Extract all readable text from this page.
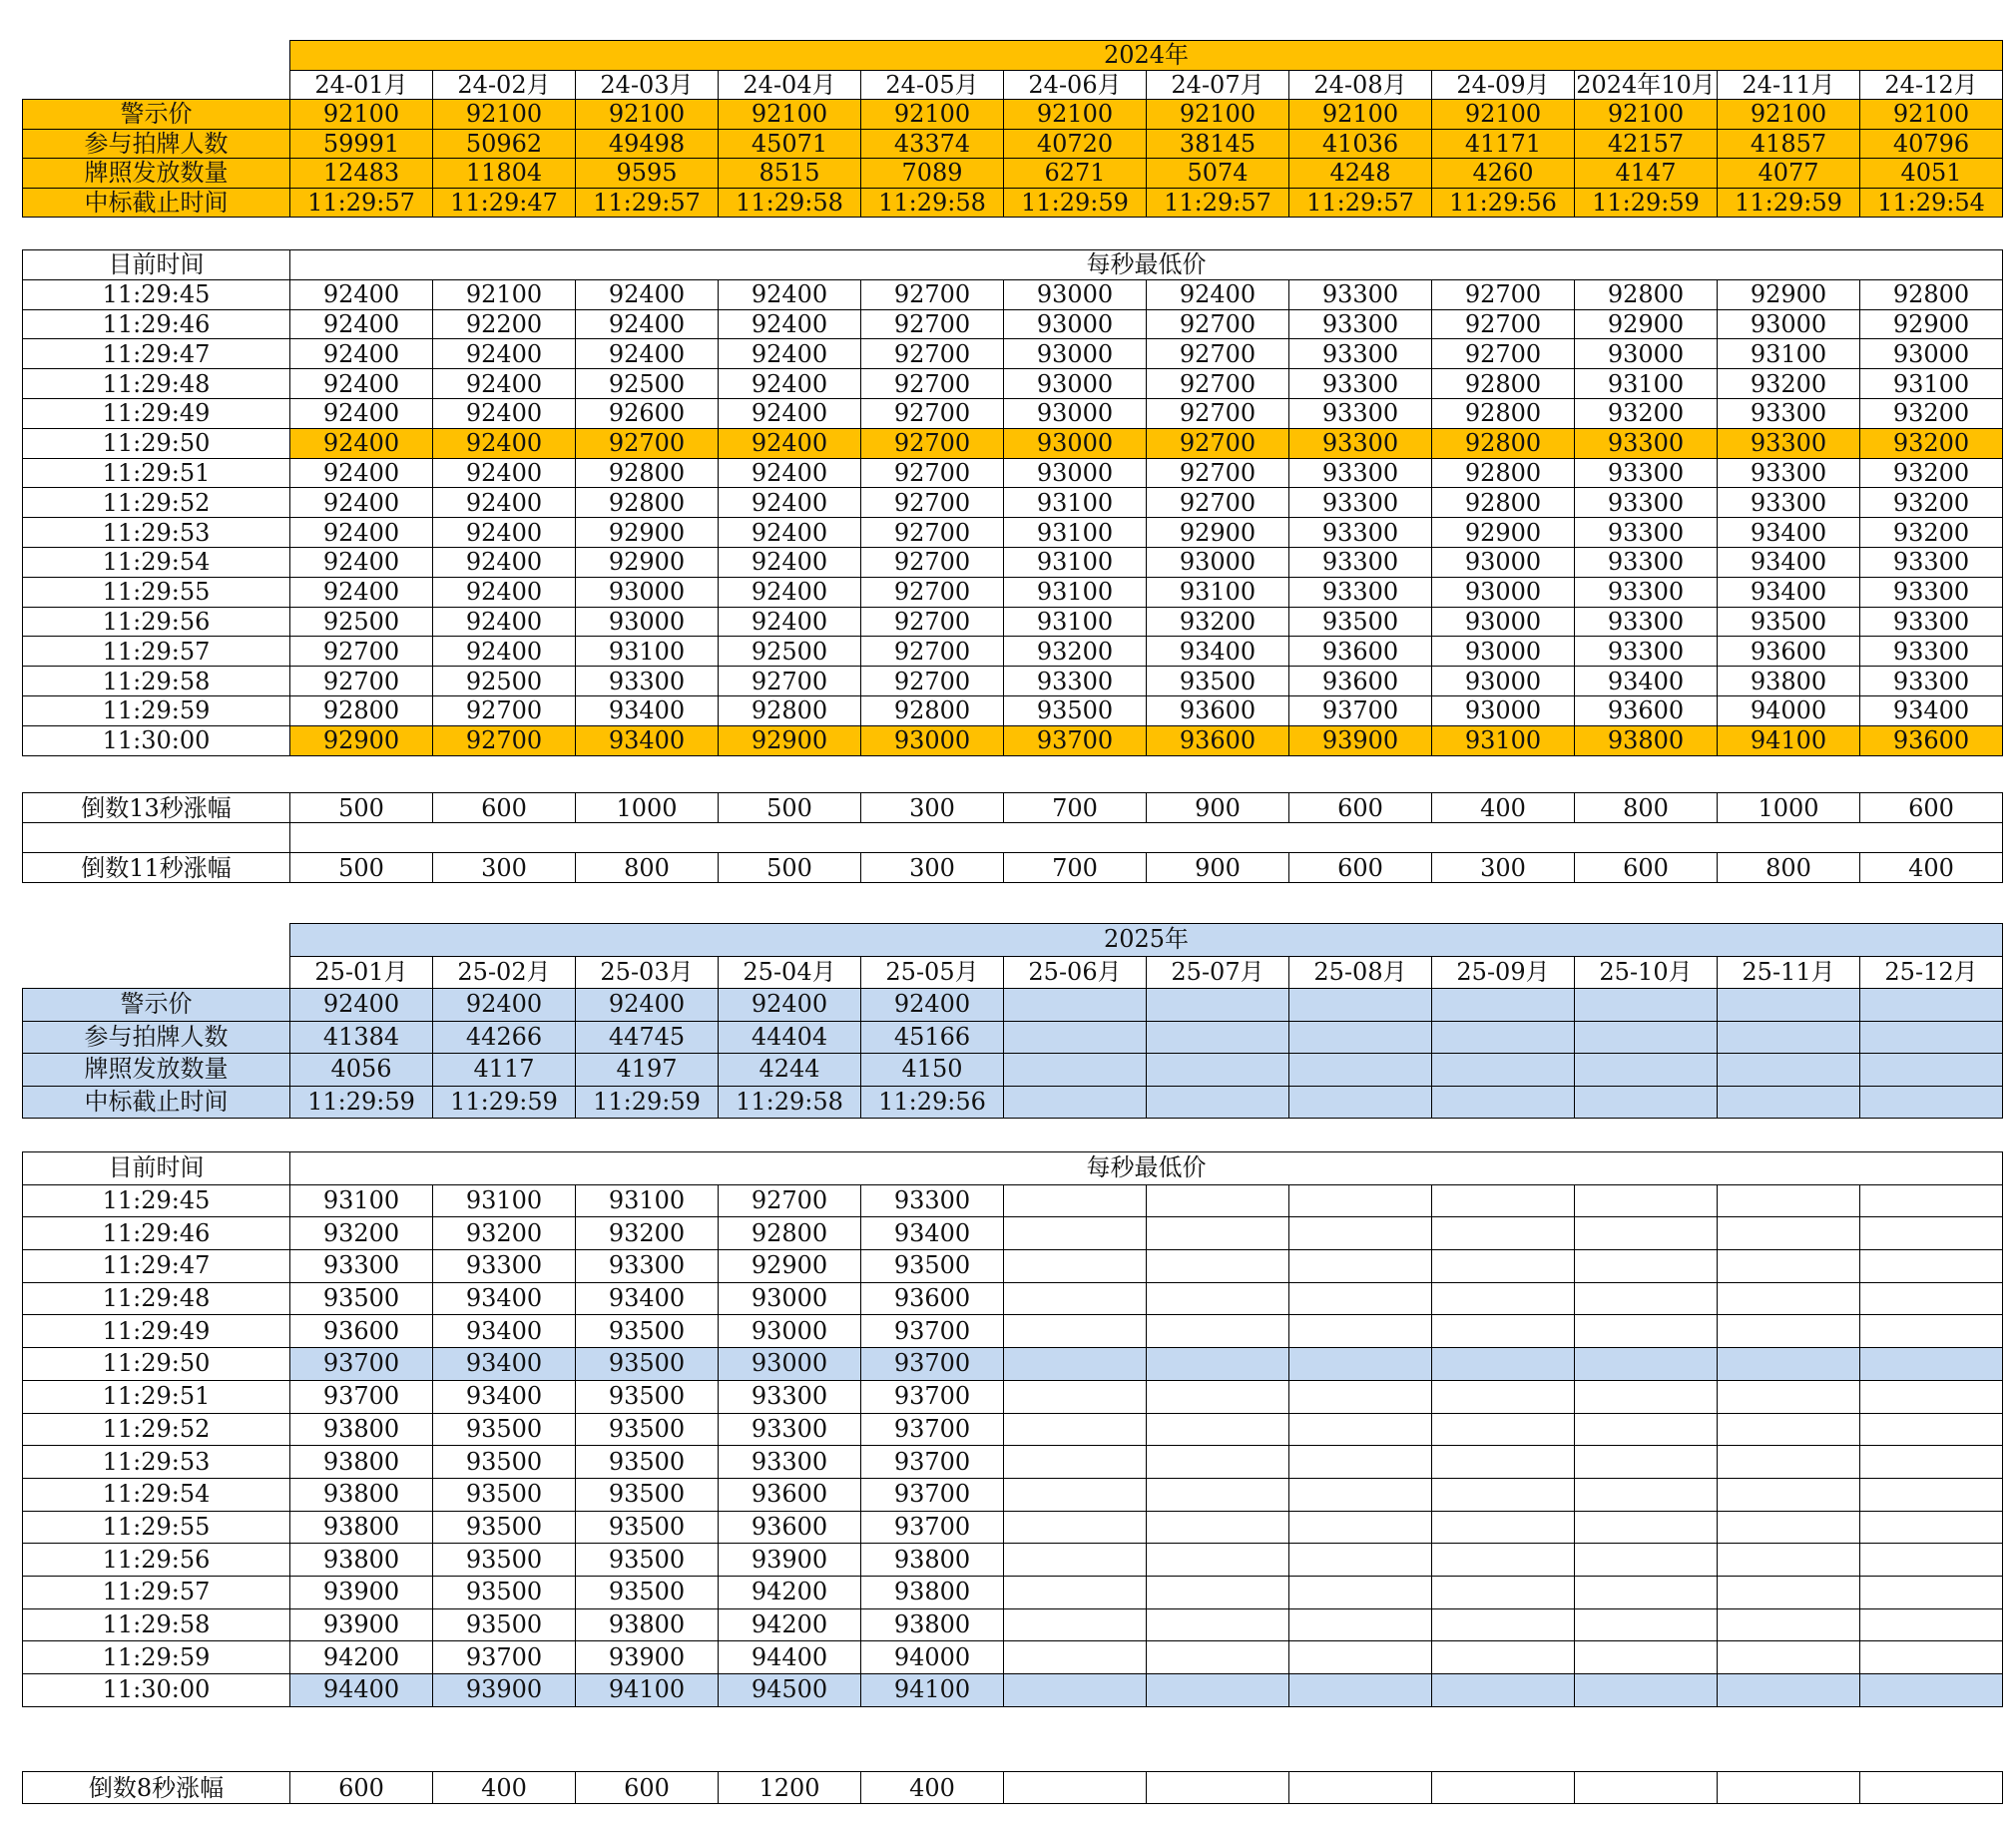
	2024年											
	24-01月	24-02月	24-03月	24-04月	24-05月	24-06月	24-07月	24-08月	24-09月	2024年10月	24-11月	24-12月
警示价	92100	92100	92100	92100	92100	92100	92100	92100	92100	92100	92100	92100
参与拍牌人数	59991	50962	49498	45071	43374	40720	38145	41036	41171	42157	41857	40796
牌照发放数量	12483	11804	9595	8515	7089	6271	5074	4248	4260	4147	4077	4051
中标截止时间	11:29:57	11:29:47	11:29:57	11:29:58	11:29:58	11:29:59	11:29:57	11:29:57	11:29:56	11:29:59	11:29:59	11:29:54
目前时间	每秒最低价											
11:29:45	92400	92100	92400	92400	92700	93000	92400	93300	92700	92800	92900	92800
11:29:46	92400	92200	92400	92400	92700	93000	92700	93300	92700	92900	93000	92900
11:29:47	92400	92400	92400	92400	92700	93000	92700	93300	92700	93000	93100	93000
11:29:48	92400	92400	92500	92400	92700	93000	92700	93300	92800	93100	93200	93100
11:29:49	92400	92400	92600	92400	92700	93000	92700	93300	92800	93200	93300	93200
11:29:50	92400	92400	92700	92400	92700	93000	92700	93300	92800	93300	93300	93200
11:29:51	92400	92400	92800	92400	92700	93000	92700	93300	92800	93300	93300	93200
11:29:52	92400	92400	92800	92400	92700	93100	92700	93300	92800	93300	93300	93200
11:29:53	92400	92400	92900	92400	92700	93100	92900	93300	92900	93300	93400	93200
11:29:54	92400	92400	92900	92400	92700	93100	93000	93300	93000	93300	93400	93300
11:29:55	92400	92400	93000	92400	92700	93100	93100	93300	93000	93300	93400	93300
11:29:56	92500	92400	93000	92400	92700	93100	93200	93500	93000	93300	93500	93300
11:29:57	92700	92400	93100	92500	92700	93200	93400	93600	93000	93300	93600	93300
11:29:58	92700	92500	93300	92700	92700	93300	93500	93600	93000	93400	93800	93300
11:29:59	92800	92700	93400	92800	92800	93500	93600	93700	93000	93600	94000	93400
11:30:00	92900	92700	93400	92900	93000	93700	93600	93900	93100	93800	94100	93600
倒数13秒涨幅	500	600	1000	500	300	700	900	600	400	800	1000	600

倒数11秒涨幅	500	300	800	500	300	700	900	600	300	600	800	400
	2025年											
	25-01月	25-02月	25-03月	25-04月	25-05月	25-06月	25-07月	25-08月	25-09月	25-10月	25-11月	25-12月
警示价	92400	92400	92400	92400	92400							
参与拍牌人数	41384	44266	44745	44404	45166							
牌照发放数量	4056	4117	4197	4244	4150							
中标截止时间	11:29:59	11:29:59	11:29:59	11:29:58	11:29:56							
目前时间	每秒最低价											
11:29:45	93100	93100	93100	92700	93300							
11:29:46	93200	93200	93200	92800	93400							
11:29:47	93300	93300	93300	92900	93500							
11:29:48	93500	93400	93400	93000	93600							
11:29:49	93600	93400	93500	93000	93700							
11:29:50	93700	93400	93500	93000	93700							
11:29:51	93700	93400	93500	93300	93700							
11:29:52	93800	93500	93500	93300	93700							
11:29:53	93800	93500	93500	93300	93700							
11:29:54	93800	93500	93500	93600	93700							
11:29:55	93800	93500	93500	93600	93700							
11:29:56	93800	93500	93500	93900	93800							
11:29:57	93900	93500	93500	94200	93800							
11:29:58	93900	93500	93800	94200	93800							
11:29:59	94200	93700	93900	94400	94000							
11:30:00	94400	93900	94100	94500	94100							
倒数8秒涨幅	600	400	600	1200	400							
